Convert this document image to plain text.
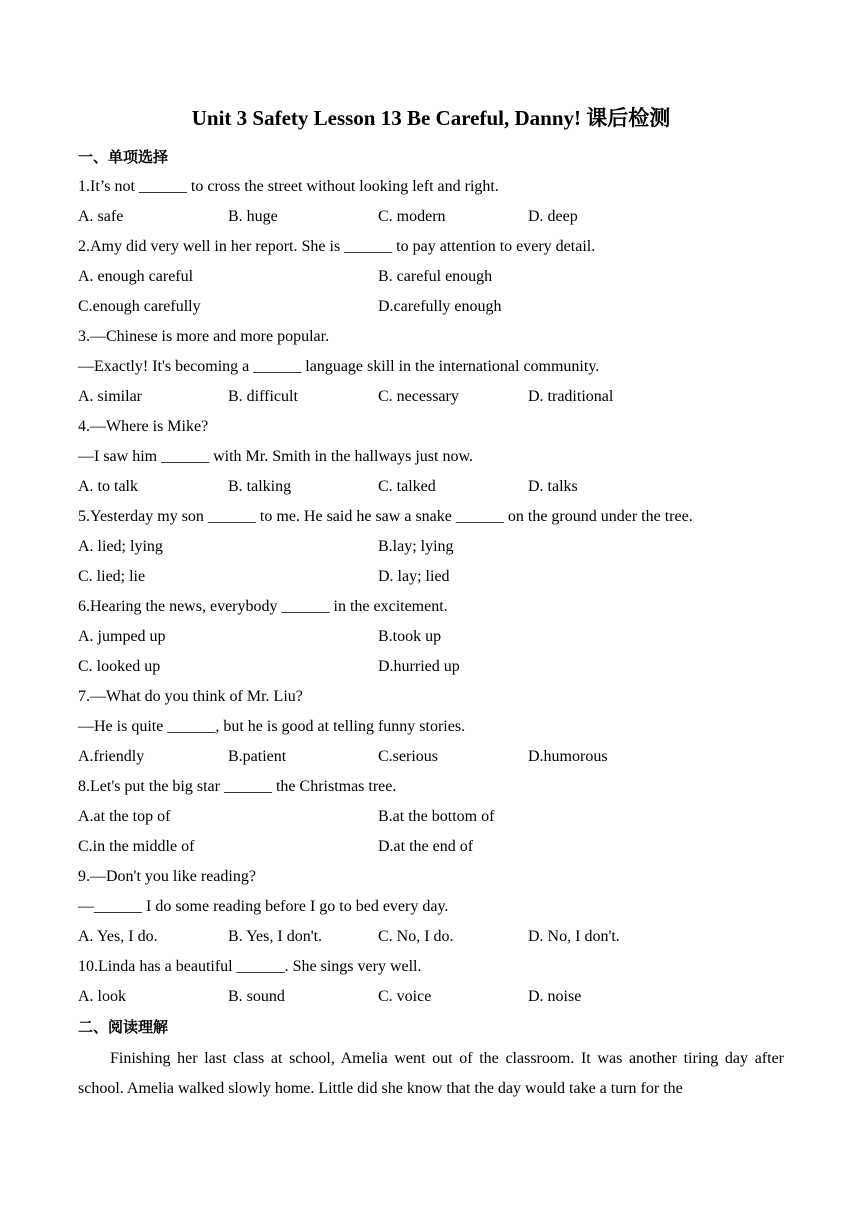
Unit 3 Safety Lesson 13 Be Careful, Danny! 课后检测
一、单项选择
1.It’s not ______ to cross the street without looking left and right.
A. safe	B. huge	C. modern	D. deep
2.Amy did very well in her report. She is ______ to pay attention to every detail.
A. enough careful	B. careful enough
C.enough carefully	D.carefully enough
3.—Chinese is more and more popular.
—Exactly! It's becoming a ______ language skill in the international community.
A. similar	B. difficult	C. necessary	D. traditional
4.—Where is Mike?
—I saw him ______ with Mr. Smith in the hallways just now.
A. to talk	B. talking	C. talked	D. talks
5.Yesterday my son ______ to me. He said he saw a snake ______ on the ground under the tree.
A. lied; lying	B.lay; lying
C. lied; lie	D. lay; lied
6.Hearing the news, everybody ______ in the excitement.
A. jumped up	B.took up
C. looked up	D.hurried up
7.—What do you think of Mr. Liu?
—He is quite ______, but he is good at telling funny stories.
A.friendly	B.patient	C.serious	D.humorous
8.Let's put the big star ______ the Christmas tree.
A.at the top of	B.at the bottom of
C.in the middle of	D.at the end of
9.—Don't you like reading?
—______ I do some reading before I go to bed every day.
A. Yes, I do.	B. Yes, I don't.	C. No, I do.	D. No, I don't.
10.Linda has a beautiful ______. She sings very well.
A. look	B. sound	C. voice	D. noise
二、阅读理解
Finishing her last class at school, Amelia went out of the classroom. It was another tiring day after school. Amelia walked slowly home. Little did she know that the day would take a turn for the
